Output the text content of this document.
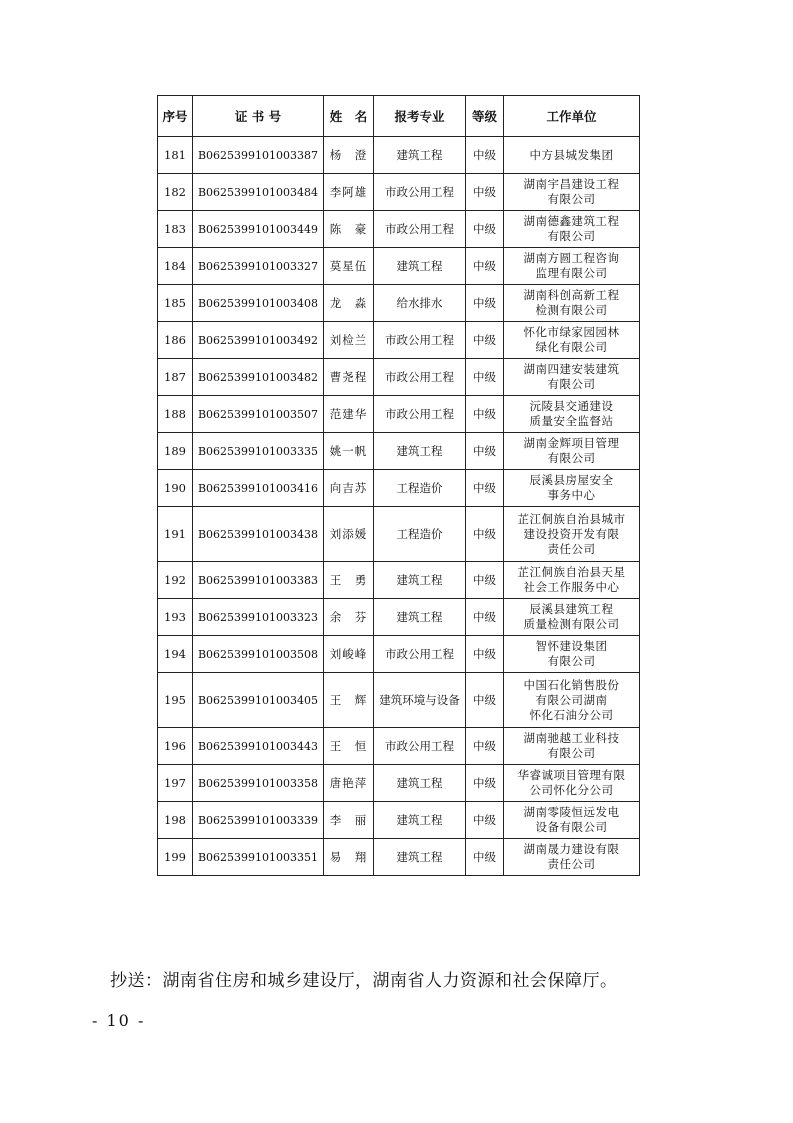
序号	证 书 号	姓　名	报考专业	等级	工作单位
181	B0625399101003387	杨　澄	建筑工程	中级	中方县城发集团
182	B0625399101003484	李阿雄	市政公用工程	中级	湖南宇昌建设工程
有限公司
183	B0625399101003449	陈　豪	市政公用工程	中级	湖南德鑫建筑工程
有限公司
184	B0625399101003327	莫星伍	建筑工程	中级	湖南方圆工程咨询
监理有限公司
185	B0625399101003408	龙　淼	给水排水	中级	湖南科创高新工程
检测有限公司
186	B0625399101003492	刘检兰	市政公用工程	中级	怀化市绿家园园林
绿化有限公司
187	B0625399101003482	曹尧程	市政公用工程	中级	湖南四建安装建筑
有限公司
188	B0625399101003507	范建华	市政公用工程	中级	沅陵县交通建设
质量安全监督站
189	B0625399101003335	姚一帆	建筑工程	中级	湖南金辉项目管理
有限公司
190	B0625399101003416	向吉苏	工程造价	中级	辰溪县房屋安全
事务中心
191	B0625399101003438	刘添媛	工程造价	中级	芷江侗族自治县城市
建设投资开发有限
责任公司
192	B0625399101003383	王　勇	建筑工程	中级	芷江侗族自治县天星
社会工作服务中心
193	B0625399101003323	余　芬	建筑工程	中级	辰溪县建筑工程
质量检测有限公司
194	B0625399101003508	刘峻峰	市政公用工程	中级	智怀建设集团
有限公司
195	B0625399101003405	王　辉	建筑环境与设备	中级	中国石化销售股份
有限公司湖南
怀化石油分公司
196	B0625399101003443	王　恒	市政公用工程	中级	湖南驰越工业科技
有限公司
197	B0625399101003358	唐艳萍	建筑工程	中级	华睿诚项目管理有限
公司怀化分公司
198	B0625399101003339	李　丽	建筑工程	中级	湖南零陵恒远发电
设备有限公司
199	B0625399101003351	易　翔	建筑工程	中级	湖南晟力建设有限
责任公司
抄送：湖南省住房和城乡建设厅，湖南省人力资源和社会保障厅。
- 10 -
